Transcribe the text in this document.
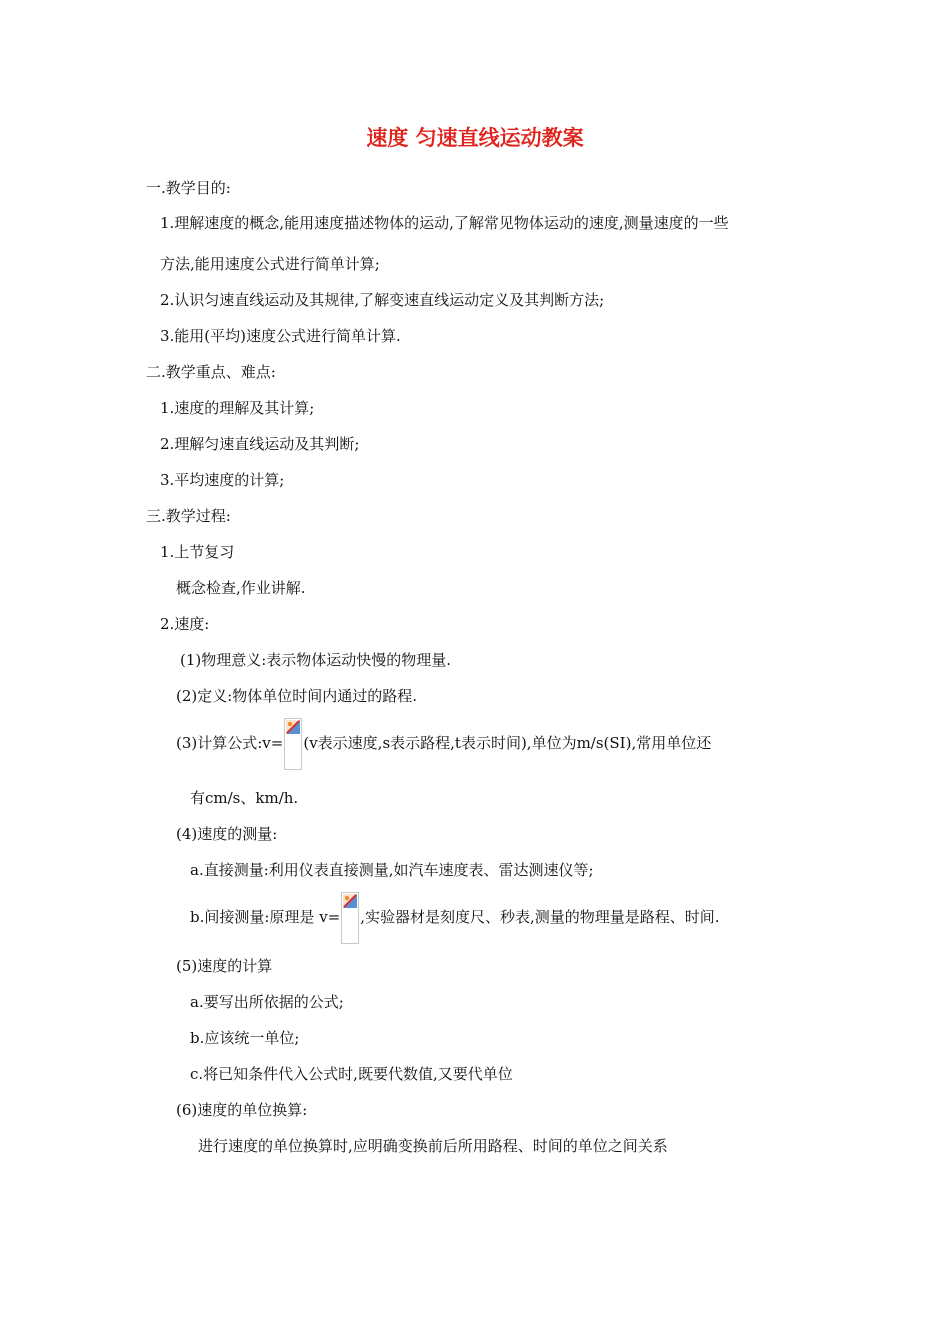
速度 匀速直线运动教案
一.教学目的:
1.理解速度的概念,能用速度描述物体的运动,了解常见物体运动的速度,测量速度的一些
方法,能用速度公式进行简单计算;
2.认识匀速直线运动及其规律,了解变速直线运动定义及其判断方法;
3.能用(平均)速度公式进行简单计算.
二.教学重点、难点:
1.速度的理解及其计算;
2.理解匀速直线运动及其判断;
3.平均速度的计算;
三.教学过程:
1.上节复习
概念检查,作业讲解.
2.速度:
(1)物理意义:表示物体运动快慢的物理量.
(2)定义:物体单位时间内通过的路程.
(3)计算公式:v= (v表示速度,s表示路程,t表示时间),单位为m/s(SI),常用单位还
有cm/s、km/h.
(4)速度的测量:
a.直接测量:利用仪表直接测量,如汽车速度表、雷达测速仪等;
b.间接测量:原理是 v= ,实验器材是刻度尺、秒表,测量的物理量是路程、时间.
(5)速度的计算
a.要写出所依据的公式;
b.应该统一单位;
c.将已知条件代入公式时,既要代数值,又要代单位
(6)速度的单位换算:
进行速度的单位换算时,应明确变换前后所用路程、时间的单位之间关系
